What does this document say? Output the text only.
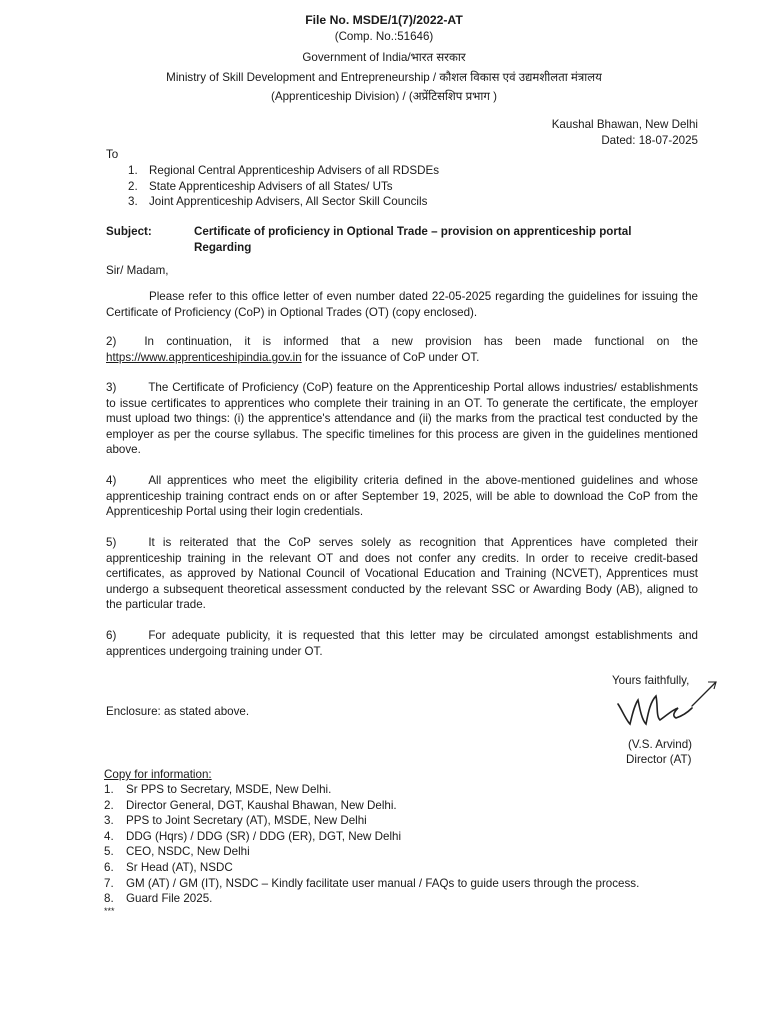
File No. MSDE/1(7)/2022-AT
(Comp. No.:51646)
Government of India/भारत सरकार
Ministry of Skill Development and Entrepreneurship / कौशल विकास एवं उद्यमशीलता मंत्रालय
(Apprenticeship Division) / (अप्रेंटिसशिप प्रभाग )
Kaushal Bhawan, New Delhi
Dated: 18-07-2025
To
1. Regional Central Apprenticeship Advisers of all RDSDEs
2. State Apprenticeship Advisers of all States/ UTs
3. Joint Apprenticeship Advisers, All Sector Skill Councils
Subject:	Certificate of proficiency in Optional Trade – provision on apprenticeship portal
Regarding
Sir/ Madam,
Please refer to this office letter of even number dated 22-05-2025 regarding the guidelines for issuing the Certificate of Proficiency (CoP) in Optional Trades (OT) (copy enclosed).
2) In continuation, it is informed that a new provision has been made functional on the https://www.apprenticeshipindia.gov.in for the issuance of CoP under OT.
3)	The Certificate of Proficiency (CoP) feature on the Apprenticeship Portal allows industries/ establishments to issue certificates to apprentices who complete their training in an OT. To generate the certificate, the employer must upload two things: (i) the apprentice's attendance and (ii) the marks from the practical test conducted by the employer as per the course syllabus. The specific timelines for this process are given in the guidelines mentioned above.
4)	All apprentices who meet the eligibility criteria defined in the above-mentioned guidelines and whose apprenticeship training contract ends on or after September 19, 2025, will be able to download the CoP from the Apprenticeship Portal using their login credentials.
5)	It is reiterated that the CoP serves solely as recognition that Apprentices have completed their apprenticeship training in the relevant OT and does not confer any credits. In order to receive credit-based certificates, as approved by National Council of Vocational Education and Training (NCVET), Apprentices must undergo a subsequent theoretical assessment conducted by the relevant SSC or Awarding Body (AB), aligned to the particular trade.
6)	For adequate publicity, it is requested that this letter may be circulated amongst establishments and apprentices undergoing training under OT.
Yours faithfully,
Enclosure: as stated above.
(V.S. Arvind)
Director (AT)
Copy for information:
1. Sr PPS to Secretary, MSDE, New Delhi.
2. Director General, DGT, Kaushal Bhawan, New Delhi.
3. PPS to Joint Secretary (AT), MSDE, New Delhi
4. DDG (Hqrs) / DDG (SR) / DDG (ER), DGT, New Delhi
5. CEO, NSDC, New Delhi
6. Sr Head (AT), NSDC
7. GM (AT) / GM (IT), NSDC – Kindly facilitate user manual / FAQs to guide users through the process.
8. Guard File 2025.
***
